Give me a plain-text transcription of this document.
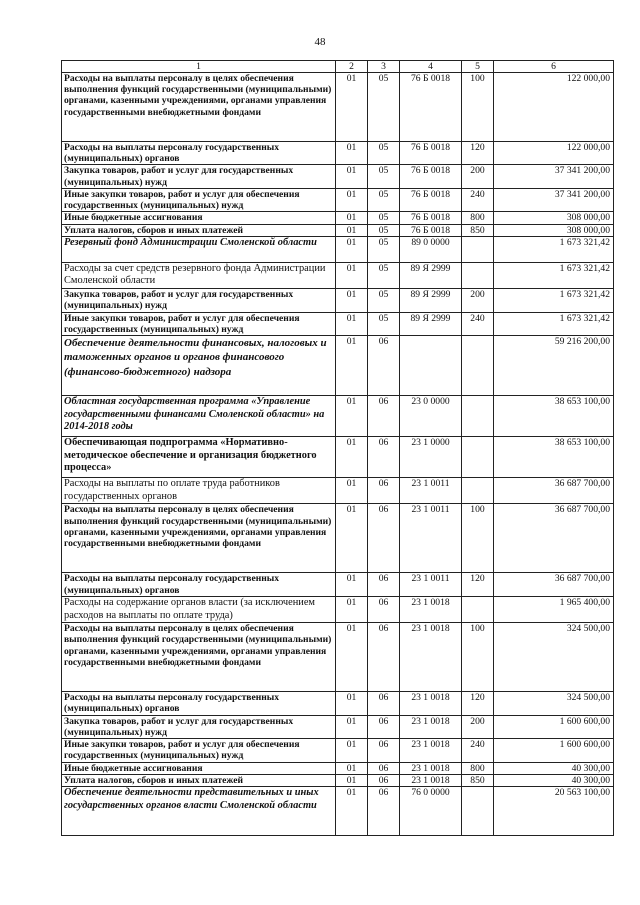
48
1	2	3	4	5	6
Расходы на выплаты персоналу в целях обеспечения выполнения функций государственными (муниципальными) органами, казенными учреждениями, органами управления государственными внебюджетными фондами	01	05	76 Б 0018	100	122 000,00
Расходы на выплаты персоналу государственных (муниципальных) органов	01	05	76 Б 0018	120	122 000,00
Закупка товаров, работ и услуг для государственных (муниципальных) нужд	01	05	76 Б 0018	200	37 341 200,00
Иные закупки товаров, работ и услуг для обеспечения государственных (муниципальных) нужд	01	05	76 Б 0018	240	37 341 200,00
Иные бюджетные ассигнования	01	05	76 Б 0018	800	308 000,00
Уплата налогов, сборов и иных платежей	01	05	76 Б 0018	850	308 000,00
Резервный фонд Администрации Смоленской области	01	05	89 0 0000		1 673 321,42
Расходы за счет средств резервного фонда Администрации Смоленской области	01	05	89 Я 2999		1 673 321,42
Закупка товаров, работ и услуг для государственных (муниципальных) нужд	01	05	89 Я 2999	200	1 673 321,42
Иные закупки товаров, работ и услуг для обеспечения государственных (муниципальных) нужд	01	05	89 Я 2999	240	1 673 321,42
Обеспечение деятельности финансовых, налоговых и таможенных органов и органов финансового (финансово-бюджетного) надзора	01	06			59 216 200,00
Областная государственная программа «Управление государственными финансами Смоленской области» на 2014-2018 годы	01	06	23 0 0000		38 653 100,00
Обеспечивающая подпрограмма «Нормативно-методическое обеспечение и организация бюджетного процесса»	01	06	23 1 0000		38 653 100,00
Расходы на выплаты по оплате труда работников государственных органов	01	06	23 1 0011		36 687 700,00
Расходы на выплаты персоналу в целях обеспечения выполнения функций государственными (муниципальными) органами, казенными учреждениями, органами управления государственными внебюджетными фондами	01	06	23 1 0011	100	36 687 700,00
Расходы на выплаты персоналу государственных (муниципальных) органов	01	06	23 1 0011	120	36 687 700,00
Расходы на содержание органов власти (за исключением расходов на выплаты по оплате труда)	01	06	23 1 0018		1 965 400,00
Расходы на выплаты персоналу в целях обеспечения выполнения функций государственными (муниципальными) органами, казенными учреждениями, органами управления государственными внебюджетными фондами	01	06	23 1 0018	100	324 500,00
Расходы на выплаты персоналу государственных (муниципальных) органов	01	06	23 1 0018	120	324 500,00
Закупка товаров, работ и услуг для государственных (муниципальных) нужд	01	06	23 1 0018	200	1 600 600,00
Иные закупки товаров, работ и услуг для обеспечения государственных (муниципальных) нужд	01	06	23 1 0018	240	1 600 600,00
Иные бюджетные ассигнования	01	06	23 1 0018	800	40 300,00
Уплата налогов, сборов и иных платежей	01	06	23 1 0018	850	40 300,00
Обеспечение деятельности представительных и иных государственных органов власти Смоленской области	01	06	76 0 0000		20 563 100,00
